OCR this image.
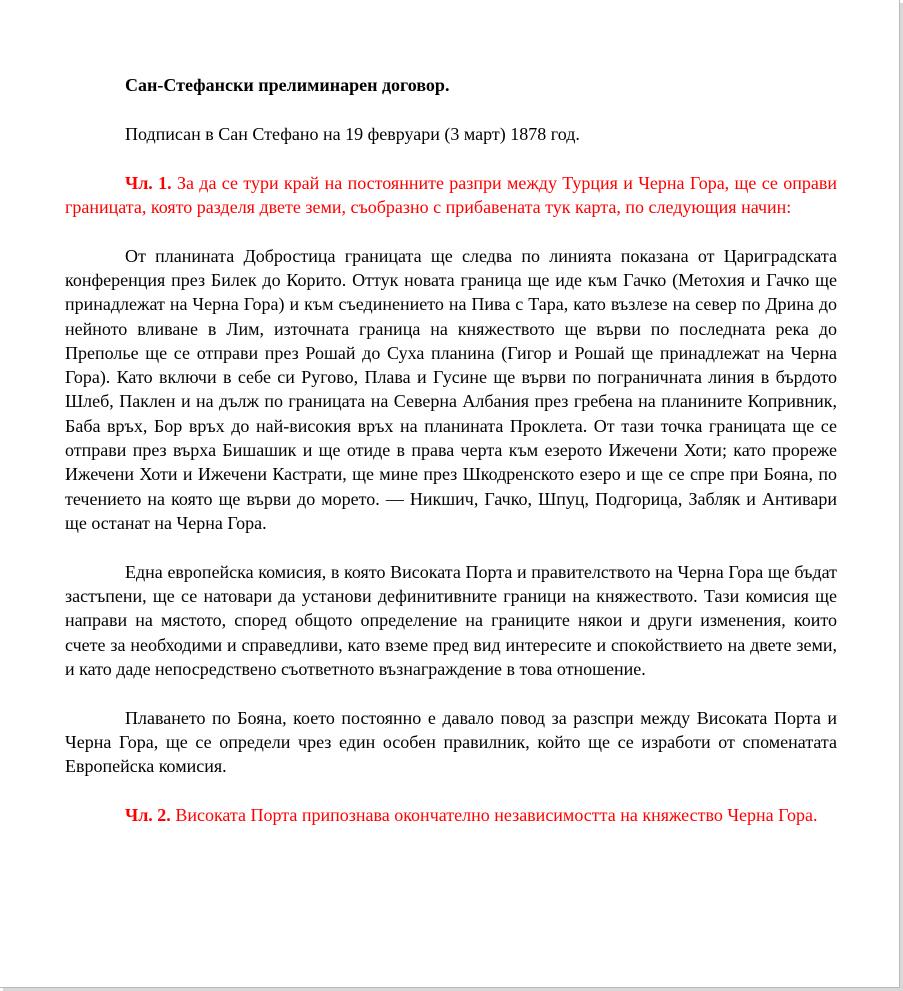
Сан-Стефански прелиминарен договор.

Подписан в Сан Стефано на 19 февруари (3 март) 1878 год.

Чл. 1. За да се тури край на постоянните разпри между Турция и Черна Гора, ще се оправи границата, която разделя двете земи, съобразно с прибавената тук карта, по следующия начин:

От планината Добростица границата ще следва по линията показана от Цариградската конференция през Билек до Корито. Оттук новата граница ще иде към Гачко (Метохия и Гачко ще принадлежат на Черна Гора) и към съединението на Пива с Тара, като възлезе на север по Дрина до нейното вливане в Лим, източната граница на княжеството ще върви по последната река до Преполье ще се отправи през Рошай до Суха планина (Гигор и Рошай ще принадлежат на Черна Гора). Като включи в себе си Ругово, Плава и Гусине ще върви по пограничната линия в бърдото Шлеб, Паклен и на дълж по границата на Северна Албания през гребена на планините Копривник, Баба връх, Бор връх до най-високия връх на планината Проклета. От тази точка границата ще се отправи през върха Бишашик и ще отиде в права черта към езерото Ижечени Хоти; като прореже Ижечени Хоти и Ижечени Кастрати, ще мине през Шкодренското езеро и ще се спре при Бояна, по течението на която ще върви до морето. — Никшич, Гачко, Шпуц, Подгорица, Забляк и Антивари ще останат на Черна Гора.

Една европейска комисия, в която Високата Порта и правителството на Черна Гора ще бъдат застъпени, ще се натовари да установи дефинитивните граници на княжеството. Тази комисия ще направи на мястото, според общото определение на границите някои и други изменения, които счете за необходими и справедливи, като вземе пред вид интересите и спокойствието на двете земи, и като даде непосредствено съответното възнаграждение в това отношение.

Плаването по Бояна, което постоянно е давало повод за разспри между Високата Порта и Черна Гора, ще се определи чрез един особен правилник, който ще се изработи от споменатата Европейска комисия.

Чл. 2. Високата Порта припознава окончателно независимостта на княжество Черна Гора.
